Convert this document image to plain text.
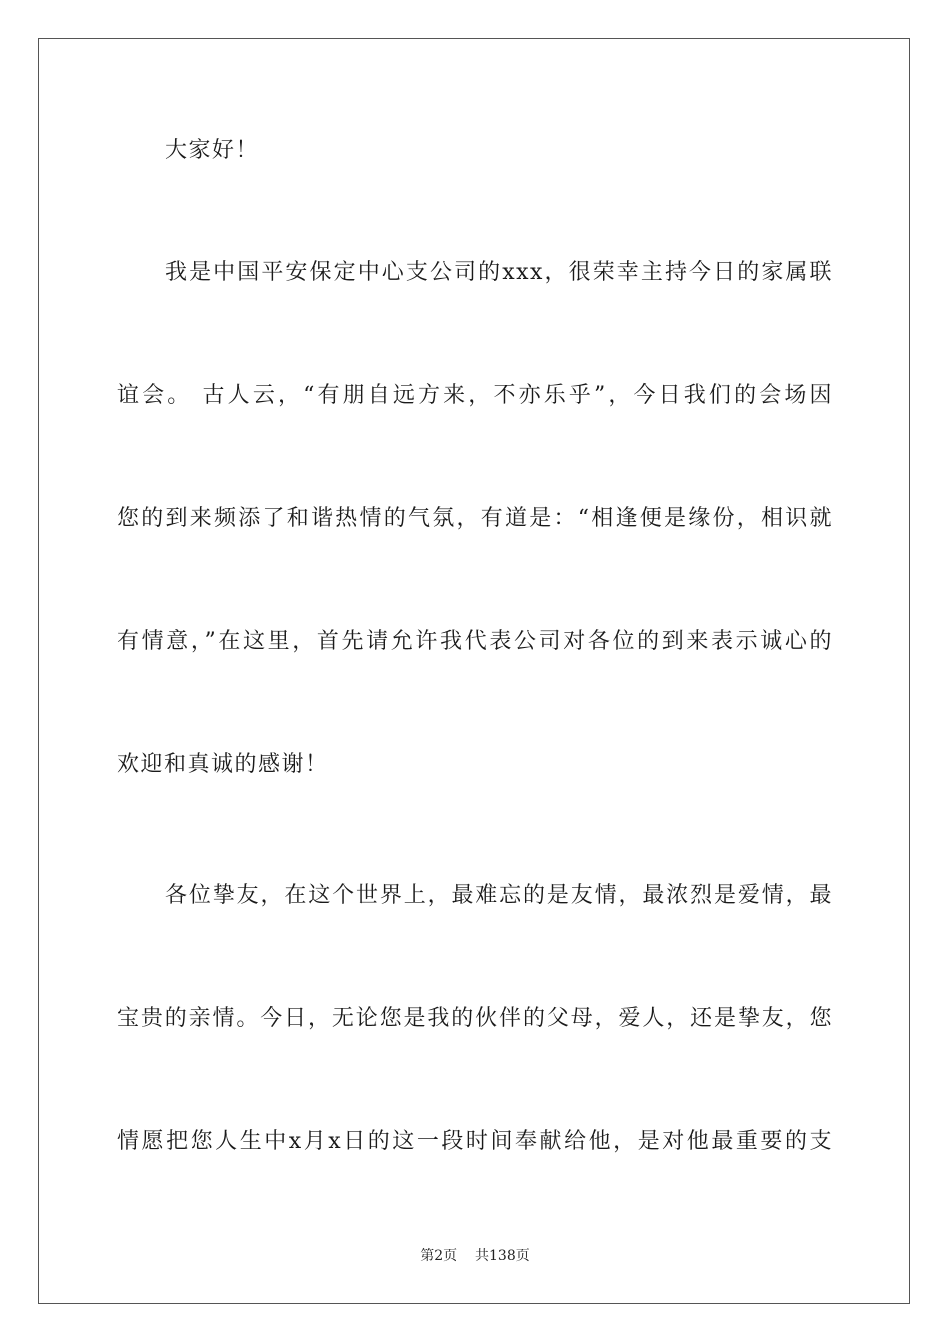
大家好！
我是中国平安保定中心支公司的xxx，很荣幸主持今日的家属联
谊会。 古人云，“有朋自远方来，不亦乐乎”，今日我们的会场因
您的到来频添了和谐热情的气氛，有道是：“相逢便是缘份，相识就
有情意，”在这里，首先请允许我代表公司对各位的到来表示诚心的
欢迎和真诚的感谢！
各位挚友，在这个世界上，最难忘的是友情，最浓烈是爱情，最
宝贵的亲情。今日，无论您是我的伙伴的父母，爱人，还是挚友，您
情愿把您人生中x月x日的这一段时间奉献给他，是对他最重要的支
第2页 共138页
